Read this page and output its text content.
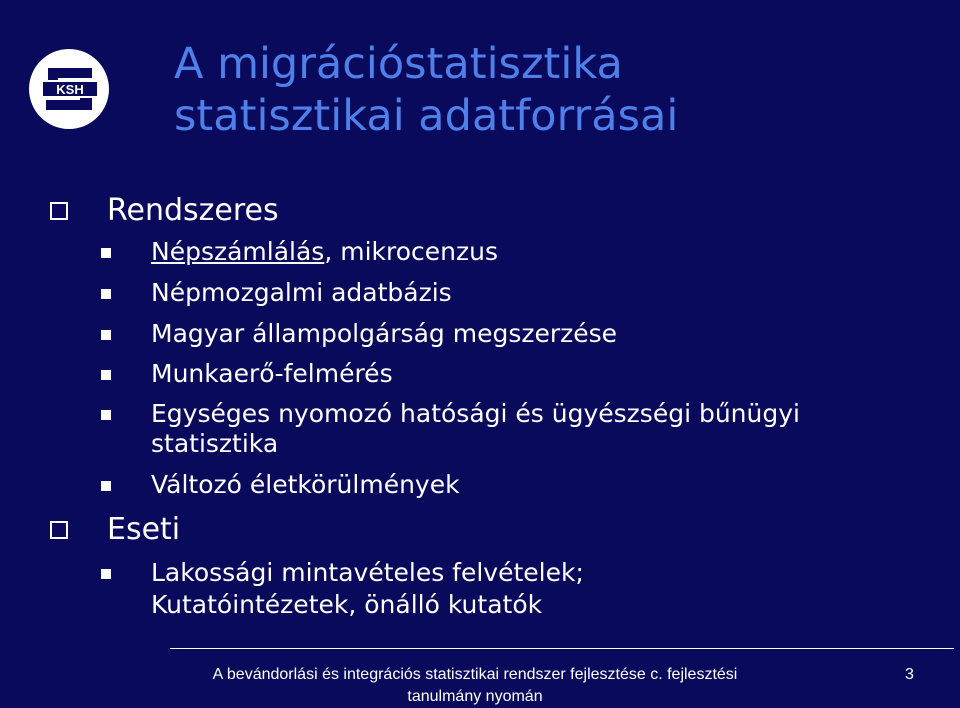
KSH
A migrációstatisztika
statisztikai adatforrásai
Rendszeres
Népszámlálás, mikrocenzus
Népmozgalmi adatbázis
Magyar állampolgárság megszerzése
Munkaerő-felmérés
Egységes nyomozó hatósági és ügyészségi bűnügyi
statisztika
Változó életkörülmények
Eseti
Lakossági mintavételes felvételek;
Kutatóintézetek, önálló kutatók
A bevándorlási és integrációs statisztikai rendszer fejlesztése c. fejlesztési
tanulmány nyomán
3
